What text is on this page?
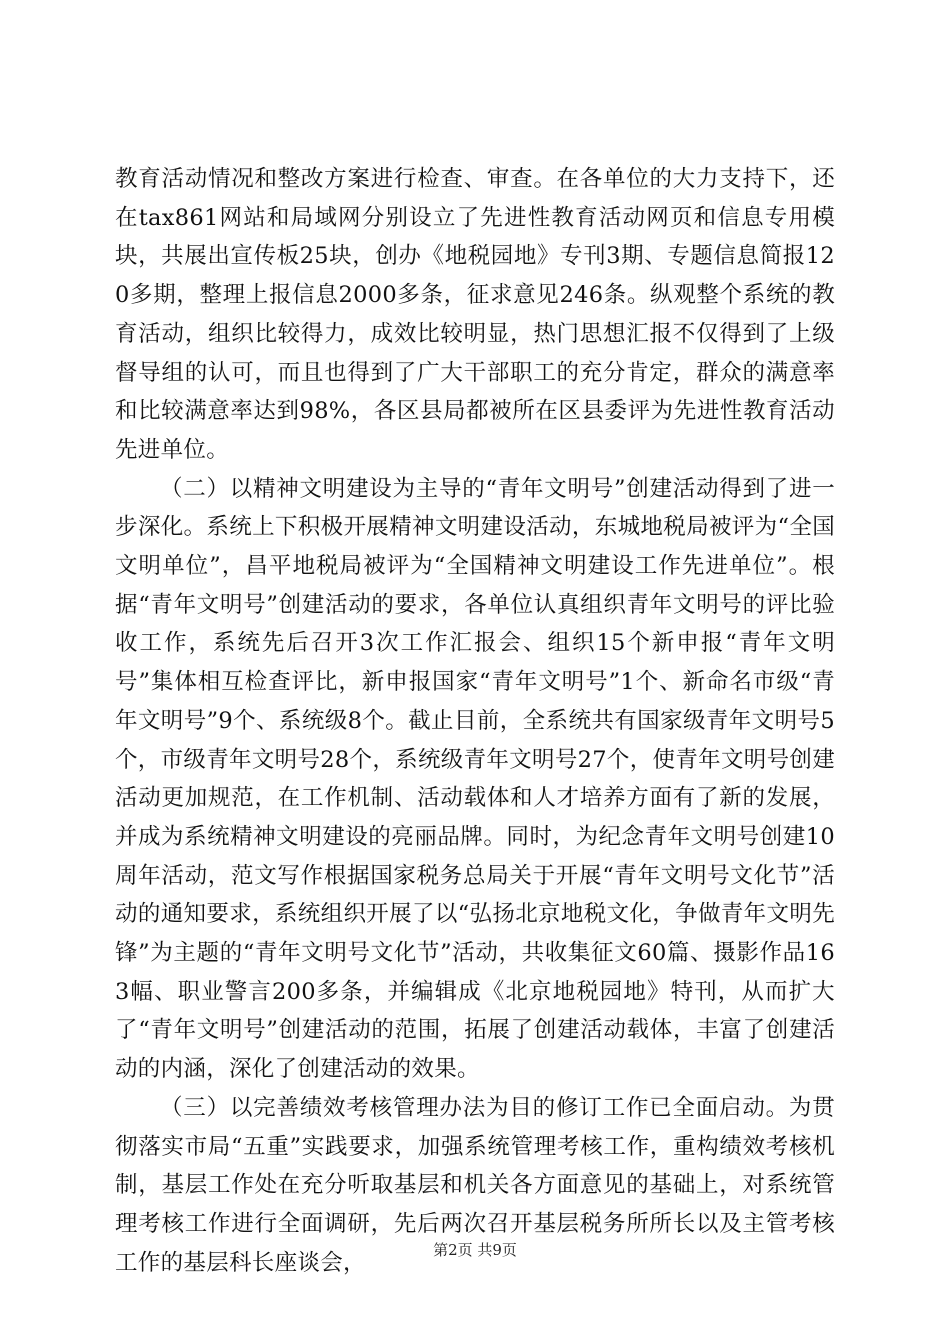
教育活动情况和整改方案进行检查、审查。在各单位的大力支持下，还在tax861网站和局域网分别设立了先进性教育活动网页和信息专用模块，共展出宣传板25块，创办《地税园地》专刊3期、专题信息简报120多期，整理上报信息2000多条，征求意见246条。纵观整个系统的教育活动，组织比较得力，成效比较明显，热门思想汇报不仅得到了上级督导组的认可，而且也得到了广大干部职工的充分肯定，群众的满意率和比较满意率达到98%，各区县局都被所在区县委评为先进性教育活动先进单位。

（二）以精神文明建设为主导的“青年文明号”创建活动得到了进一步深化。系统上下积极开展精神文明建设活动，东城地税局被评为“全国文明单位”，昌平地税局被评为“全国精神文明建设工作先进单位”。根据“青年文明号”创建活动的要求，各单位认真组织青年文明号的评比验收工作，系统先后召开3次工作汇报会、组织15个新申报“青年文明号”集体相互检查评比，新申报国家“青年文明号”1个、新命名市级“青年文明号”9个、系统级8个。截止目前，全系统共有国家级青年文明号5个，市级青年文明号28个，系统级青年文明号27个，使青年文明号创建活动更加规范，在工作机制、活动载体和人才培养方面有了新的发展，并成为系统精神文明建设的亮丽品牌。同时，为纪念青年文明号创建10周年活动，范文写作根据国家税务总局关于开展“青年文明号文化节”活动的通知要求，系统组织开展了以“弘扬北京地税文化，争做青年文明先锋”为主题的“青年文明号文化节”活动，共收集征文60篇、摄影作品163幅、职业警言200多条，并编辑成《北京地税园地》特刊，从而扩大了“青年文明号”创建活动的范围，拓展了创建活动载体，丰富了创建活动的内涵，深化了创建活动的效果。

（三）以完善绩效考核管理办法为目的修订工作已全面启动。为贯彻落实市局“五重”实践要求，加强系统管理考核工作，重构绩效考核机制，基层工作处在充分听取基层和机关各方面意见的基础上，对系统管理考核工作进行全面调研，先后两次召开基层税务所所长以及主管考核工作的基层科长座谈会，	第2页 共9页
